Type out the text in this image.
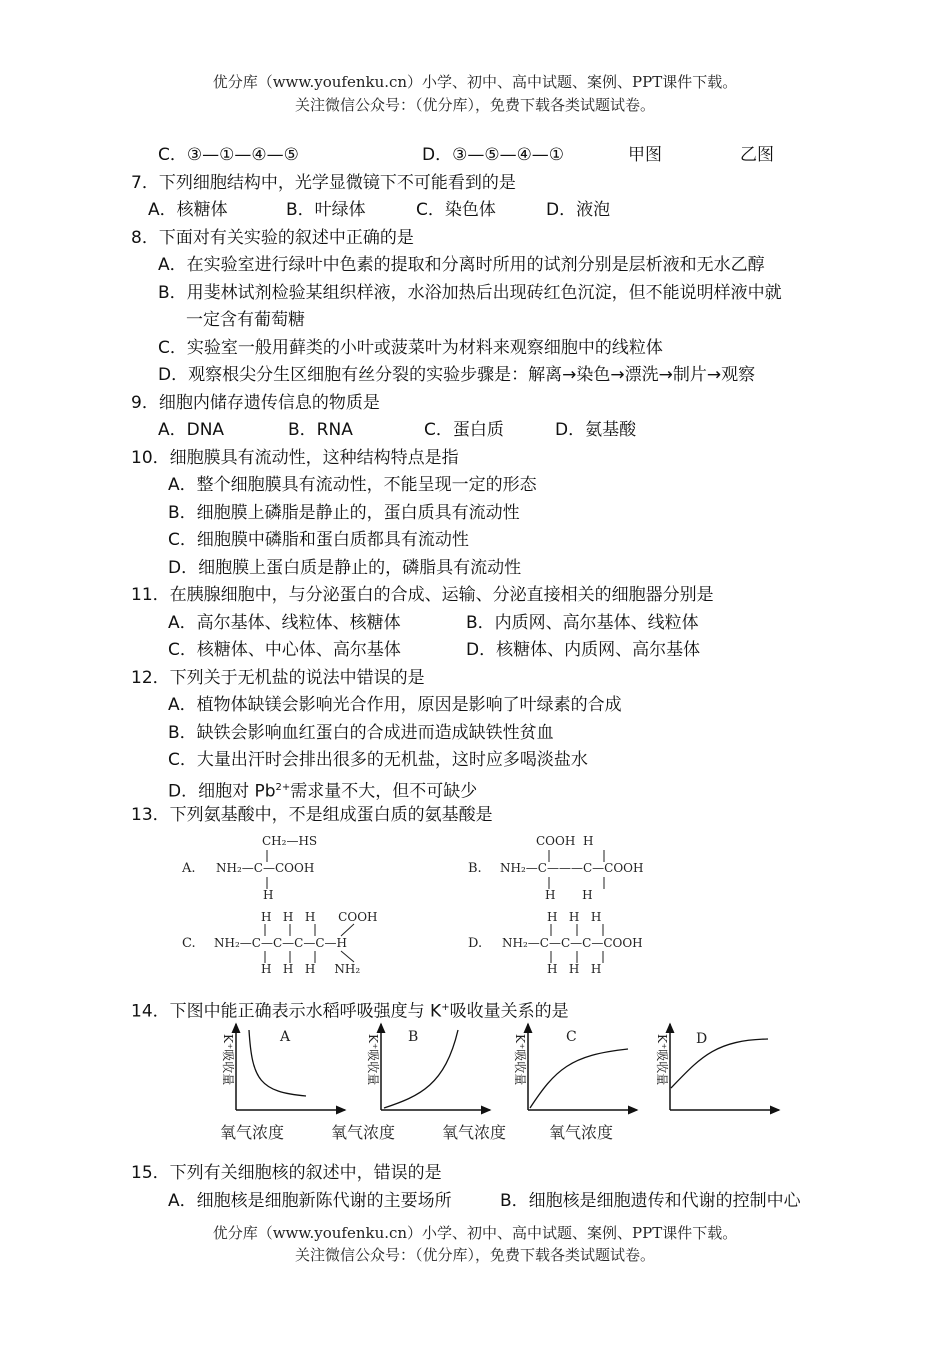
优分库（www.youfenku.cn）小学、初中、高中试题、案例、PPT课件下载。
关注微信公众号：（优分库），免费下载各类试题试卷。
C．③—①—④—⑤	D．③—⑤—④—①	甲图	乙图
7．下列细胞结构中，光学显微镜下不可能看到的是
A．核糖体	B．叶绿体	C．染色体	D．液泡
8．下面对有关实验的叙述中正确的是
A．在实验室进行绿叶中色素的提取和分离时所用的试剂分别是层析液和无水乙醇
B．用斐林试剂检验某组织样液，水浴加热后出现砖红色沉淀，但不能说明样液中就
一定含有葡萄糖
C．实验室一般用藓类的小叶或菠菜叶为材料来观察细胞中的线粒体
D．观察根尖分生区细胞有丝分裂的实验步骤是：解离→染色→漂洗→制片→观察
9．细胞内储存遗传信息的物质是
A．DNA	B．RNA	C．蛋白质	D．氨基酸
10．细胞膜具有流动性，这种结构特点是指
A．整个细胞膜具有流动性，不能呈现一定的形态
B．细胞膜上磷脂是静止的，蛋白质具有流动性
C．细胞膜中磷脂和蛋白质都具有流动性
D．细胞膜上蛋白质是静止的，磷脂具有流动性
11．在胰腺细胞中，与分泌蛋白的合成、运输、分泌直接相关的细胞器分别是
A．高尔基体、线粒体、核糖体	B．内质网、高尔基体、线粒体
C．核糖体、中心体、高尔基体	D．核糖体、内质网、高尔基体
12．下列关于无机盐的说法中错误的是
A．植物体缺镁会影响光合作用，原因是影响了叶绿素的合成
B．缺铁会影响血红蛋白的合成进而造成缺铁性贫血
C．大量出汗时会排出很多的无机盐，这时应多喝淡盐水
D．细胞对 $Pb^{2+}$需求量不大，但不可缺少
13．下列氨基酸中，不是组成蛋白质的氨基酸是
A.
CH₂—HS
NH₂—C—COOH
H
B.
COOH  H
NH₂—C———C—COOH
H       H
C.
H   H   H      COOH
NH₂—C—C—C—C—H
H   H   H     NH₂
D.
H   H   H
NH₂—C—C—C—COOH
H   H   H
14．下图中能正确表示水稻呼吸强度与 K+吸收量关系的是
A
K⁺吸收量	B
K⁺吸收量	C
K⁺吸收量	D
K⁺吸收量
氧气浓度	氧气浓度	氧气浓度	氧气浓度
15．下列有关细胞核的叙述中，错误的是
A．细胞核是细胞新陈代谢的主要场所	B．细胞核是细胞遗传和代谢的控制中心
优分库（www.youfenku.cn）小学、初中、高中试题、案例、PPT课件下载。
关注微信公众号：（优分库），免费下载各类试题试卷。
